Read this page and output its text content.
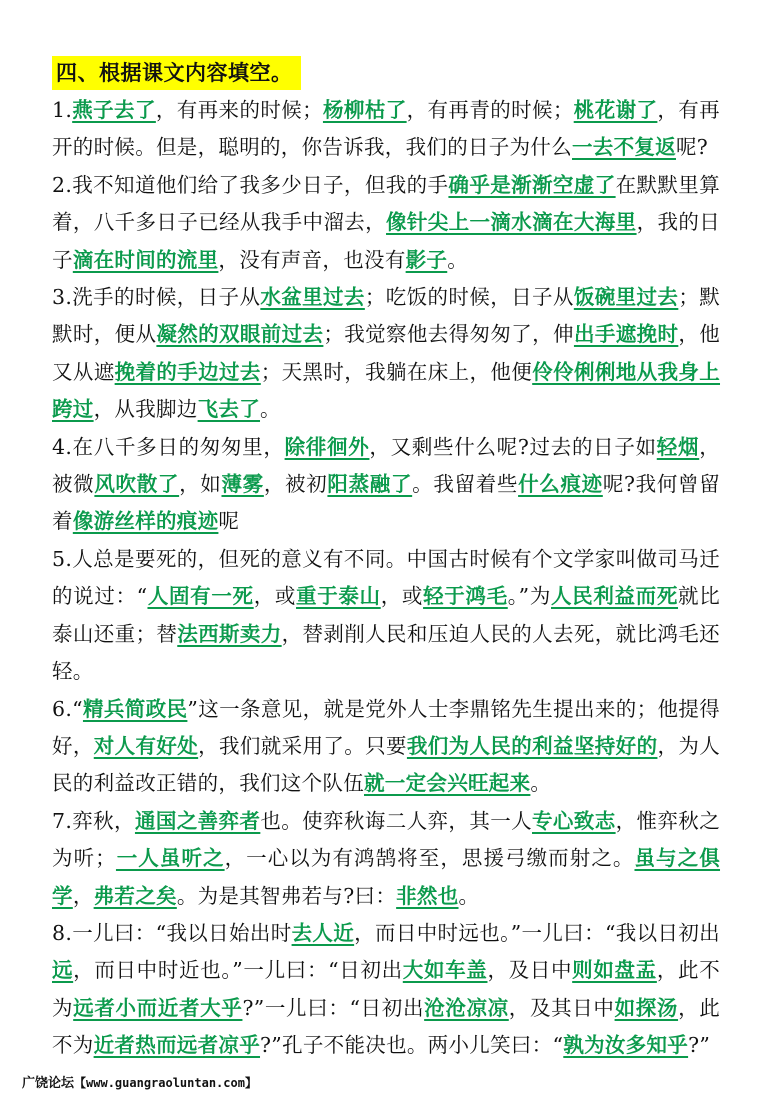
四、根据课文内容填空。
1.燕子去了，有再来的时候；杨柳枯了，有再青的时候；桃花谢了，有再开的时候。但是，聪明的，你告诉我，我们的日子为什么一去不复返呢?
2.我不知道他们给了我多少日子，但我的手确乎是渐渐空虚了在默默里算着，八千多日子已经从我手中溜去，像针尖上一滴水滴在大海里，我的日子滴在时间的流里，没有声音，也没有影子。
3.洗手的时候，日子从水盆里过去；吃饭的时候，日子从饭碗里过去；默默时，便从凝然的双眼前过去；我觉察他去得匆匆了，伸出手遮挽时，他又从遮挽着的手边过去；天黑时，我躺在床上，他便伶伶俐俐地从我身上跨过，从我脚边飞去了。
4.在八千多日的匆匆里，除徘徊外，又剩些什么呢?过去的日子如轻烟，被微风吹散了，如薄雾，被初阳蒸融了。我留着些什么痕迹呢?我何曾留着像游丝样的痕迹呢
5.人总是要死的，但死的意义有不同。中国古时候有个文学家叫做司马迁的说过：“人固有一死，或重于泰山，或轻于鸿毛。”为人民利益而死就比泰山还重；替法西斯卖力，替剥削人民和压迫人民的人去死，就比鸿毛还轻。
6.“精兵简政民”这一条意见，就是党外人士李鼎铭先生提出来的；他提得好，对人有好处，我们就采用了。只要我们为人民的利益坚持好的，为人民的利益改正错的，我们这个队伍就一定会兴旺起来。
7.弈秋，通国之善弈者也。使弈秋诲二人弈，其一人专心致志，惟弈秋之为听；一人虽听之，一心以为有鸿鹄将至，思援弓缴而射之。虽与之俱学，弗若之矣。为是其智弗若与?曰：非然也。
8.一儿曰：“我以日始出时去人近，而日中时远也。”一儿曰：“我以日初出远，而日中时近也。”一儿曰：“日初出大如车盖，及日中则如盘盂，此不为远者小而近者大乎?”一儿曰：“日初出沧沧凉凉，及其日中如探汤，此不为近者热而远者凉乎?”孔子不能决也。两小儿笑曰：“孰为汝多知乎?”
广饶论坛【www.guangraoluntan.com】
